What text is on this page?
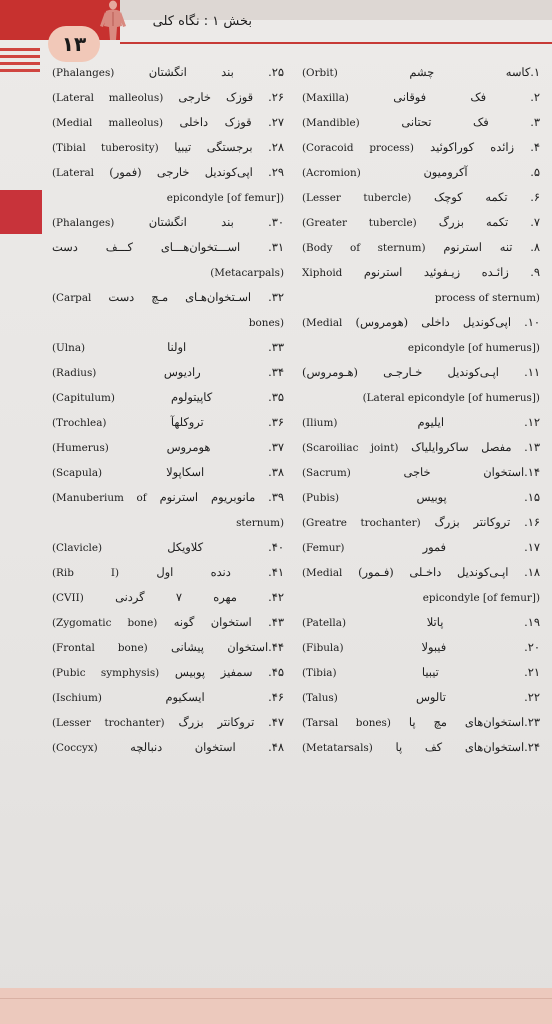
۱۳
بخش ۱ : نگاه کلی
۱.کاسه چشم (Orbit)
۲. فک فوقانی (Maxilla)
۳. فک تحتانی (Mandible)
۴. زائده کوراکوئید (Coracoid process)
۵. آکرومیون (Acromion)
۶. تکمه کوچک (Lesser tubercle)
۷. تکمه بزرگ (Greater tubercle)
۸. تنه استرنوم (Body of sternum)
۹. زائـده زیـفوئید استرنوم Xiphoid
process of sternum)
۱۰. اپی‌کوندیل داخلی (هومروس) (Medial
epicondyle [of humerus])
۱۱. اپـی‌کوندیل خـارجـی (هـومروس)
(Lateral epicondyle [of humerus])
۱۲. ایلیوم (Ilium)
۱۳. مفصل ساکروایلیاک (Scaroiliac joint)
۱۴.استخوان خاجی (Sacrum)
۱۵. پوبیس (Pubis)
۱۶. تروکانتر بزرگ (Greatre trochanter)
۱۷. فمور (Femur)
۱۸. اپـی‌کوندیل داخـلی (فـمور) (Medial
epicondyle [of femur])
۱۹. پاتلا (Patella)
۲۰. فیبولا (Fibula)
۲۱. تیبیا (Tibia)
۲۲. تالوس (Talus)
۲۳.استخوان‌های مچ پا (Tarsal bones)
۲۴.استخوان‌های کف پا (Metatarsals)
۲۵. بند انگشتان (Phalanges)
۲۶. قوزک خارجی (Lateral malleolus)
۲۷. قوزک داخلی (Medial malleolus)
۲۸. برجستگی تیبیا (Tibial tuberosity)
۲۹. اپی‌کوندیل خارجی (فمور) (Lateral
epicondyle [of femur])
۳۰. بند انگشتان (Phalanges)
۳۱. اســـتخوان‌هـــای کـــف دست
(Metacarpals)
۳۲. اسـتخوان‌هـای مـچ دست (Carpal
bones)
۳۳. اولنا (Ulna)
۳۴. رادیوس (Radius)
۳۵. کاپیتولوم (Capitulum)
۳۶. تروکلهآ (Trochlea)
۳۷. هومروس (Humerus)
۳۸. اسکاپولا (Scapula)
۳۹. مانوبریوم استرنوم (Manuberium of
sternum)
۴۰. کلاویکل (Clavicle)
۴۱. دنده اول (Rib I)
۴۲. مهره ۷ گردنی (CVII)
۴۳. استخوان گونه (Zygomatic bone)
۴۴.استخوان پیشانی (Frontal bone)
۴۵. سمفیز پوبیس (Pubic symphysis)
۴۶. ایسکیوم (Ischium)
۴۷. تروکانتر بزرگ (Lesser trochanter)
۴۸. استخوان دنبالچه (Coccyx)
